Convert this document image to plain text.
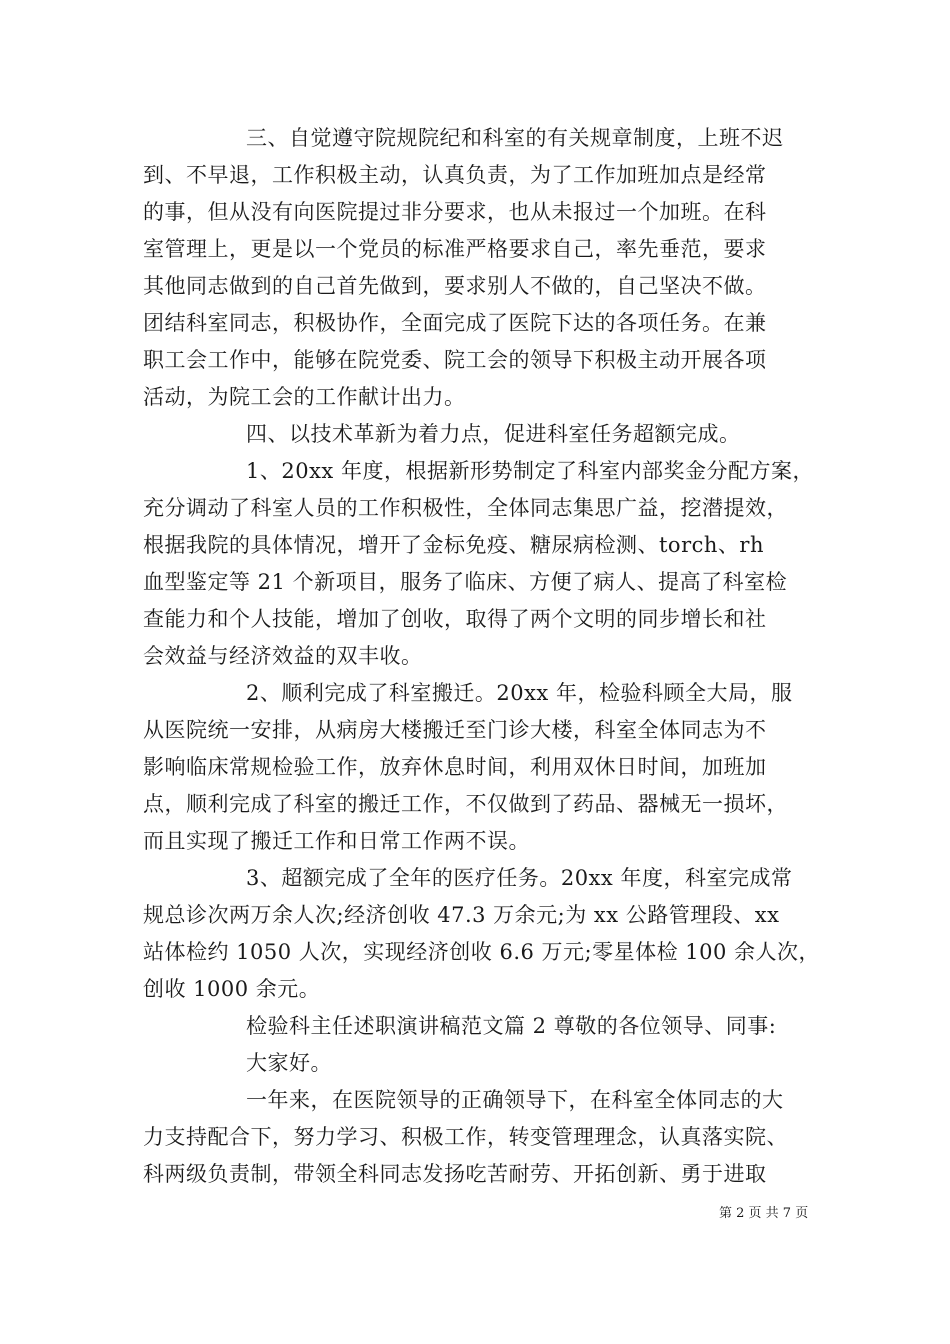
三、自觉遵守院规院纪和科室的有关规章制度，上班不迟
到、不早退，工作积极主动，认真负责，为了工作加班加点是经常
的事，但从没有向医院提过非分要求，也从未报过一个加班。在科
室管理上，更是以一个党员的标准严格要求自己，率先垂范，要求
其他同志做到的自己首先做到，要求别人不做的，自己坚决不做。
团结科室同志，积极协作，全面完成了医院下达的各项任务。在兼
职工会工作中，能够在院党委、院工会的领导下积极主动开展各项
活动，为院工会的工作献计出力。
四、以技术革新为着力点，促进科室任务超额完成。
1、20xx 年度，根据新形势制定了科室内部奖金分配方案，
充分调动了科室人员的工作积极性，全体同志集思广益，挖潜提效，
根据我院的具体情况，增开了金标免疫、糖尿病检测、torch、rh
血型鉴定等 21 个新项目，服务了临床、方便了病人、提高了科室检
查能力和个人技能，增加了创收，取得了两个文明的同步增长和社
会效益与经济效益的双丰收。
2、顺利完成了科室搬迁。20xx 年，检验科顾全大局，服
从医院统一安排，从病房大楼搬迁至门诊大楼，科室全体同志为不
影响临床常规检验工作，放弃休息时间，利用双休日时间，加班加
点，顺利完成了科室的搬迁工作，不仅做到了药品、器械无一损坏，
而且实现了搬迁工作和日常工作两不误。
3、超额完成了全年的医疗任务。20xx 年度，科室完成常
规总诊次两万余人次;经济创收 47.3 万余元;为 xx 公路管理段、xx
站体检约 1050 人次，实现经济创收 6.6 万元;零星体检 100 余人次，
创收 1000 余元。
检验科主任述职演讲稿范文篇 2 尊敬的各位领导、同事:
大家好。
一年来，在医院领导的正确领导下，在科室全体同志的大
力支持配合下，努力学习、积极工作，转变管理理念，认真落实院、
科两级负责制，带领全科同志发扬吃苦耐劳、开拓创新、勇于进取
第 2 页 共 7 页
